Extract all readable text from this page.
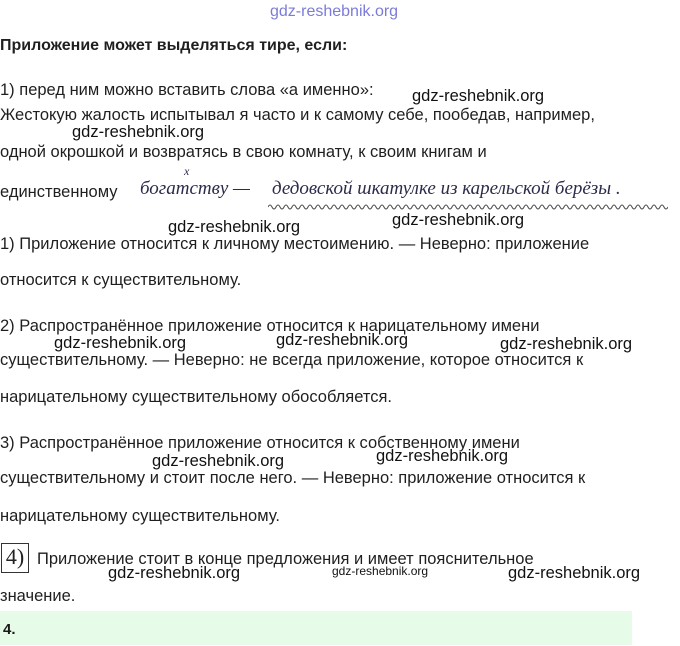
gdz-reshebnik.org
Приложение может выделяться тире, если:
1) перед ним можно вставить слова «а именно»: gdz-reshebnik.org
Жестокую жалость испытывал я часто и к самому себе, пообедав, например,
gdz-reshebnik.org
одной окрошкой и возвратясь в свою комнату, к своим книгам и
единственному
х
богатству — дедовской шкатулке из карельской берёзы .
gdz-reshebnik.org	gdz-reshebnik.org
1) Приложение относится к личному местоимению. — Неверно: приложение
относится к существительному.
2) Распространённое приложение относится к нарицательному имени
gdz-reshebnik.org	gdz-reshebnik.org	gdz-reshebnik.org
существительному. — Неверно: не всегда приложение, которое относится к
нарицательному существительному обособляется.
3) Распространённое приложение относится к собственному имени
gdz-reshebnik.org	gdz-reshebnik.org
существительному и стоит после него. — Неверно: приложение относится к
нарицательному существительному.
4) Приложение стоит в конце предложения и имеет пояснительное
gdz-reshebnik.org	gdz-reshebnik.org	gdz-reshebnik.org
значение.
4.
